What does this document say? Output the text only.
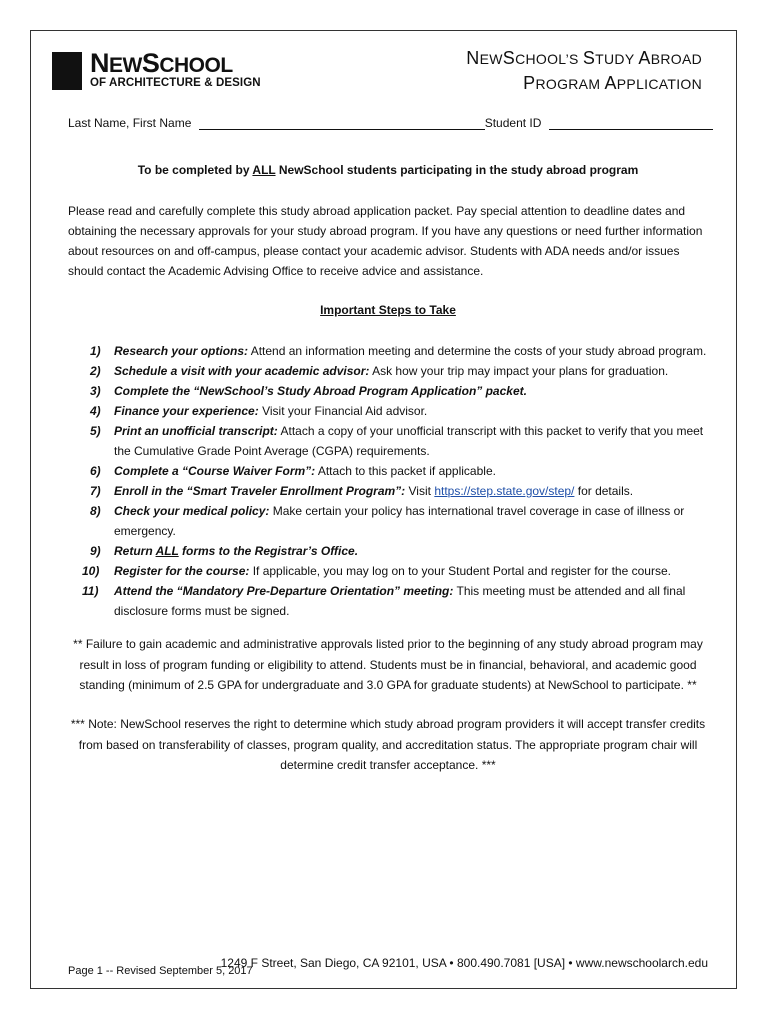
NEWSCHOOL
OF ARCHITECTURE & DESIGN
NEWSCHOOL’S STUDY ABROAD
PROGRAM APPLICATION
Last Name, First Name	Student ID
To be completed by ALL NewSchool students participating in the study abroad program
Please read and carefully complete this study abroad application packet. Pay special attention to deadline dates and obtaining the necessary approvals for your study abroad program. If you have any questions or need further information about resources on and off-campus, please contact your academic advisor. Students with ADA needs and/or issues should contact the Academic Advising Office to receive advice and assistance.
Important Steps to Take
1) Research your options: Attend an information meeting and determine the costs of your study abroad program.
2) Schedule a visit with your academic advisor: Ask how your trip may impact your plans for graduation.
3) Complete the “NewSchool’s Study Abroad Program Application” packet.
4) Finance your experience: Visit your Financial Aid advisor.
5) Print an unofficial transcript: Attach a copy of your unofficial transcript with this packet to verify that you meet the Cumulative Grade Point Average (CGPA) requirements.
6) Complete a “Course Waiver Form”: Attach to this packet if applicable.
7) Enroll in the “Smart Traveler Enrollment Program”: Visit https://step.state.gov/step/ for details.
8) Check your medical policy: Make certain your policy has international travel coverage in case of illness or emergency.
9) Return ALL forms to the Registrar’s Office.
10) Register for the course: If applicable, you may log on to your Student Portal and register for the course.
11) Attend the “Mandatory Pre-Departure Orientation” meeting: This meeting must be attended and all final disclosure forms must be signed.
** Failure to gain academic and administrative approvals listed prior to the beginning of any study abroad program may result in loss of program funding or eligibility to attend. Students must be in financial, behavioral, and academic good standing (minimum of 2.5 GPA for undergraduate and 3.0 GPA for graduate students) at NewSchool to participate. **
*** Note: NewSchool reserves the right to determine which study abroad program providers it will accept transfer credits from based on transferability of classes, program quality, and accreditation status. The appropriate program chair will determine credit transfer acceptance. ***
1249 F Street, San Diego, CA 92101, USA • 800.490.7081 [USA] • www.newschoolarch.edu
Page 1 -- Revised September 5, 2017
